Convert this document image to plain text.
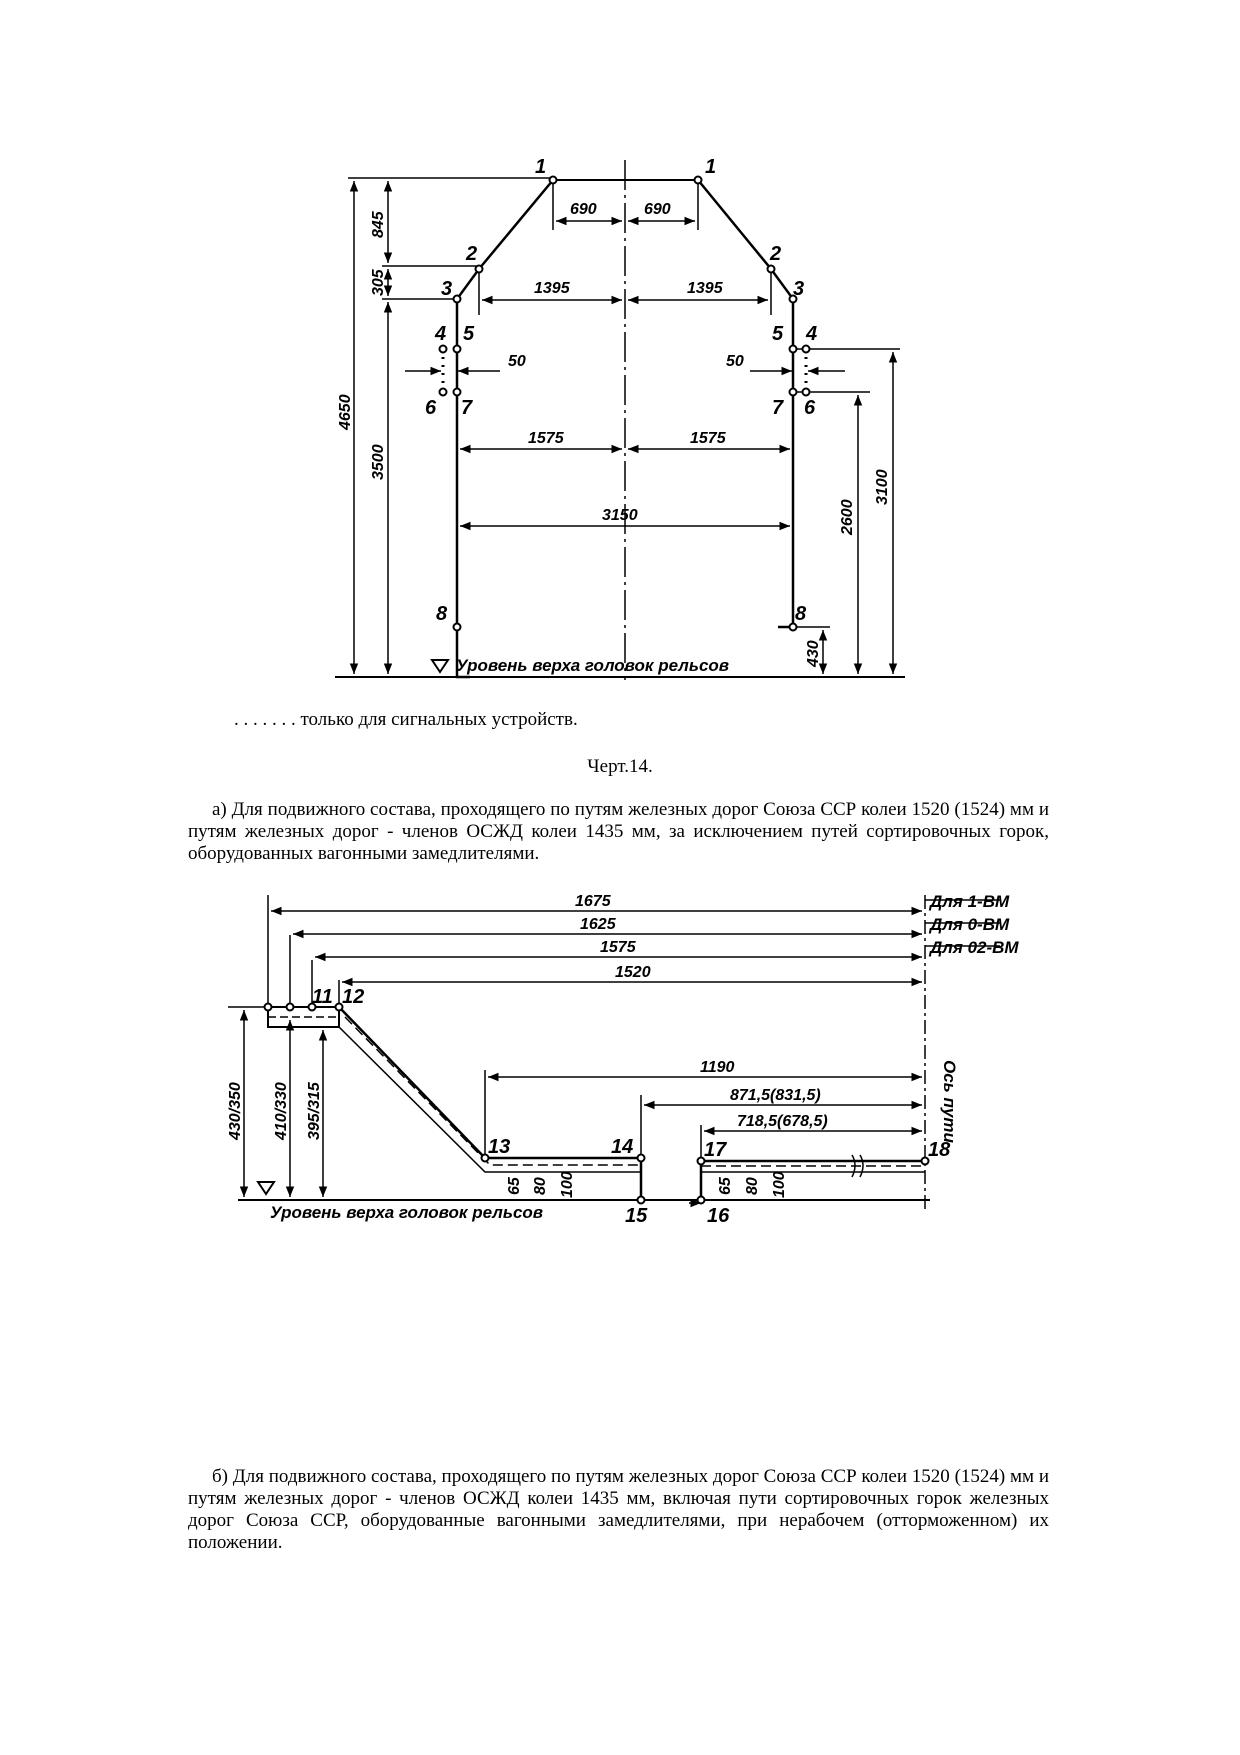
1	1
2	2
3	3
4 5	5 4
6 7	7 6
8	8
690	690
1395	1395
50	50
1575	1575
3150
845
305
3500
4650
2600
3100
430
Уровень верха головок рельсов
1675
1625
1575
1520
1190
871,5(831,5)
718,5(678,5)
Для 1-ВМ
Для 0-ВМ
Для 02-ВМ
Ось пути
430/350 410/330 395/315
65 80 100	65 80 100
11 12
13	14
15	16
17	18
Уровень верха головок рельсов

. . . . . . . только для сигнальных устройств.

Черт.14.

а) Для подвижного состава, проходящего по путям железных дорог Союза ССР колеи 1520 (1524) мм и путям железных дорог - членов ОСЖД колеи 1435 мм, за исключением путей сортировочных горок, оборудованных вагонными замедлителями.

б) Для подвижного состава, проходящего по путям железных дорог Союза ССР колеи 1520 (1524) мм и путям железных дорог - членов ОСЖД колеи 1435 мм, включая пути сортировочных горок железных дорог Союза ССР, оборудованные вагонными замедлителями, при нерабочем (отторможенном) их положении.
